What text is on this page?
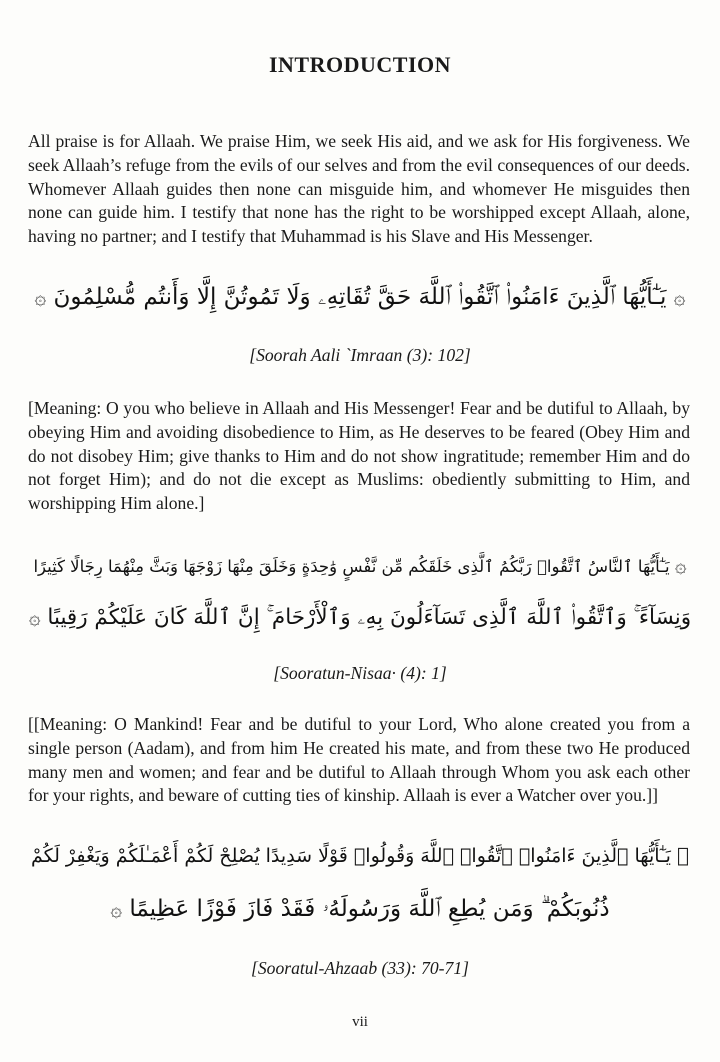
INTRODUCTION
All praise is for Allaah. We praise Him, we seek His aid, and we ask for His forgiveness. We seek Allaah’s refuge from the evils of our selves and from the evil consequences of our deeds. Whomever Allaah guides then none can misguide him, and whomever He misguides then none can guide him. I testify that none has the right to be worshipped except Allaah, alone, having no partner; and I testify that Muhammad is his Slave and His Messenger.
۞ يَـٰٓأَيُّهَا ٱلَّذِينَ ءَامَنُوا۟ ٱتَّقُوا۟ ٱللَّهَ حَقَّ تُقَاتِهِۦ وَلَا تَمُوتُنَّ إِلَّا وَأَنتُم مُّسْلِمُونَ ۞
[Soorah Aali `Imraan (3): 102]
[Meaning: O you who believe in Allaah and His Messenger! Fear and be dutiful to Allaah, by obeying Him and avoiding disobedience to Him, as He deserves to be feared (Obey Him and do not disobey Him; give thanks to Him and do not show ingratitude; remember Him and do not forget Him); and do not die except as Muslims: obediently submitting to Him, and worshipping Him alone.]
۞ يَـٰٓأَيُّهَا ٱلنَّاسُ ٱتَّقُوا۟ رَبَّكُمُ ٱلَّذِى خَلَقَكُم مِّن نَّفْسٍ وَٰحِدَةٍ وَخَلَقَ مِنْهَا زَوْجَهَا وَبَثَّ مِنْهُمَا رِجَالًا كَثِيرًا
وَنِسَآءً ۚ وَٱتَّقُوا۟ ٱللَّهَ ٱلَّذِى تَسَآءَلُونَ بِهِۦ وَٱلْأَرْحَامَ ۚ إِنَّ ٱللَّهَ كَانَ عَلَيْكُمْ رَقِيبًا ۞
[Sooratun-Nisaa· (4): 1]
[[Meaning: O Mankind! Fear and be dutiful to your Lord, Who alone created you from a single person (Aadam), and from him He created his mate, and from these two He produced many men and women; and fear and be dutiful to Allaah through Whom you ask each other for your rights, and beware of cutting ties of kinship. Allaah is ever a Watcher over you.]]
۞ يَـٰٓأَيُّهَا ٱلَّذِينَ ءَامَنُوا۟ ٱتَّقُوا۟ ٱللَّهَ وَقُولُوا۟ قَوْلًا سَدِيدًا يُصْلِحْ لَكُمْ أَعْمَـٰلَكُمْ وَيَغْفِرْ لَكُمْ
ذُنُوبَكُمْ ۗ وَمَن يُطِعِ ٱللَّهَ وَرَسُولَهُۥ فَقَدْ فَازَ فَوْزًا عَظِيمًا ۞
[Sooratul-Ahzaab (33): 70-71]
vii
